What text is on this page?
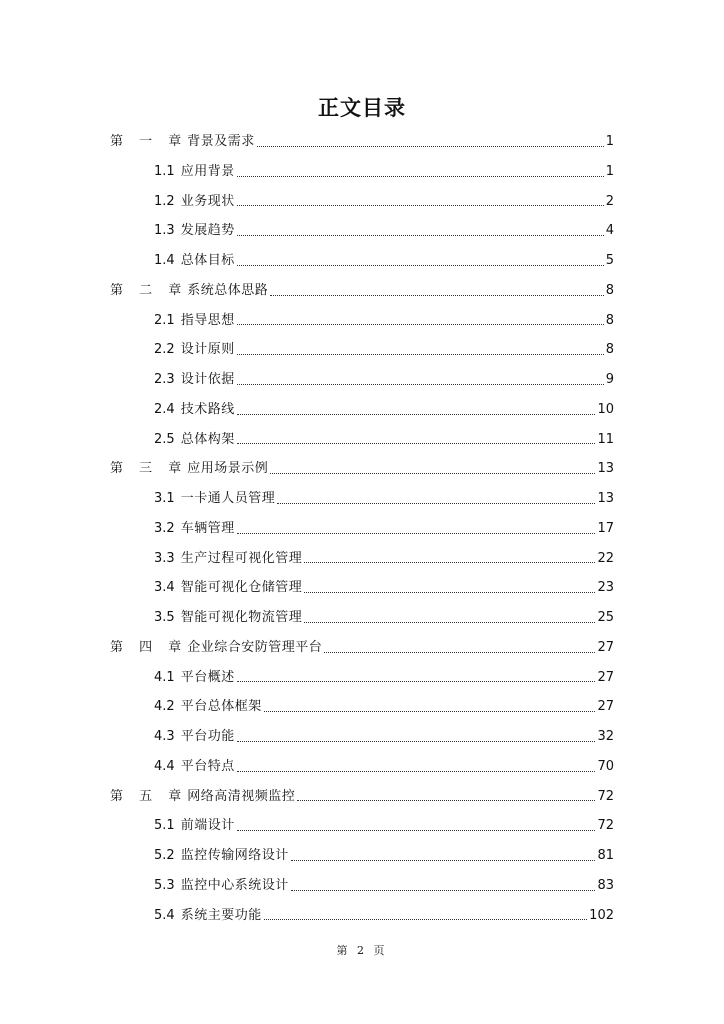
正文目录
第 一 章 背景及需求	1
1.1 应用背景	1
1.2 业务现状	2
1.3 发展趋势	4
1.4 总体目标	5
第 二 章 系统总体思路	8
2.1 指导思想	8
2.2 设计原则	8
2.3 设计依据	9
2.4 技术路线	10
2.5 总体构架	11
第 三 章 应用场景示例	13
3.1 一卡通人员管理	13
3.2 车辆管理	17
3.3 生产过程可视化管理	22
3.4 智能可视化仓储管理	23
3.5 智能可视化物流管理	25
第 四 章 企业综合安防管理平台	27
4.1 平台概述	27
4.2 平台总体框架	27
4.3 平台功能	32
4.4 平台特点	70
第 五 章 网络高清视频监控	72
5.1 前端设计	72
5.2 监控传输网络设计	81
5.3 监控中心系统设计	83
5.4 系统主要功能	102
第 2 页
